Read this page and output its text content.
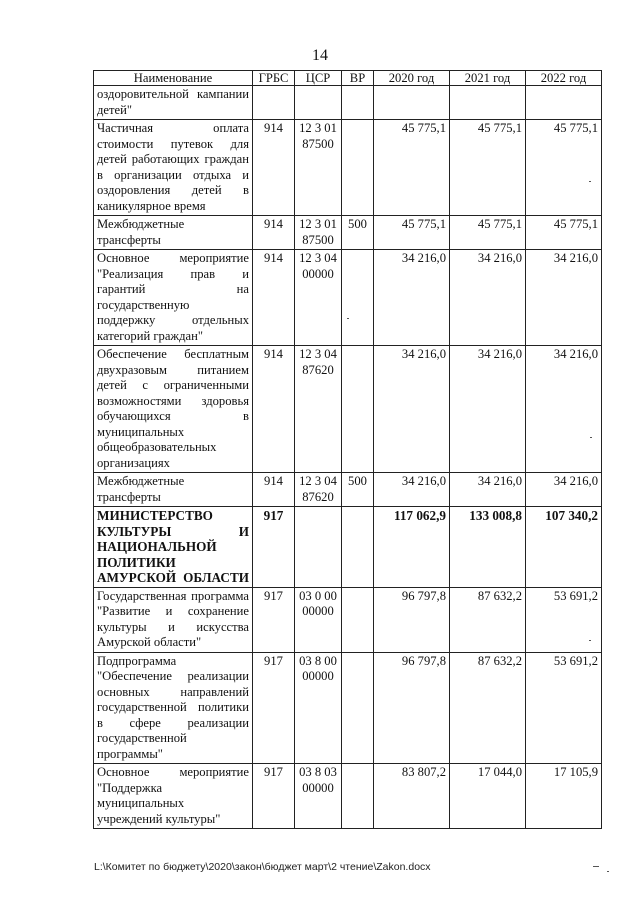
14
Наименование	ГРБС	ЦСР	ВР	2020 год	2021 год	2022 год
оздоровительной кампании детей"						
Частичная оплата стоимости путевок для детей работающих граждан в организации отдыха и оздоровления детей в каникулярное время	914	12 3 01 87500		45 775,1	45 775,1	45 775,1
Межбюджетные трансферты	914	12 3 01 87500	500	45 775,1	45 775,1	45 775,1
Основное мероприятие "Реализация прав и гарантий на государственную поддержку отдельных категорий граждан"	914	12 3 04 00000		34 216,0	34 216,0	34 216,0
Обеспечение бесплатным двухразовым питанием детей с ограниченными возможностями здоровья обучающихся в муниципальных общеобразовательных организациях	914	12 3 04 87620		34 216,0	34 216,0	34 216,0
Межбюджетные трансферты	914	12 3 04 87620	500	34 216,0	34 216,0	34 216,0
МИНИСТЕРСТВО КУЛЬТУРЫ И НАЦИОНАЛЬНОЙ ПОЛИТИКИ АМУРСКОЙ ОБЛАСТИ	917			117 062,9	133 008,8	107 340,2
Государственная программа "Развитие и сохранение культуры и искусства Амурской области"	917	03 0 00 00000		96 797,8	87 632,2	53 691,2
Подпрограмма "Обеспечение реализации основных направлений государственной политики в сфере реализации государственной программы"	917	03 8 00 00000		96 797,8	87 632,2	53 691,2
Основное мероприятие "Поддержка муниципальных учреждений культуры"	917	03 8 03 00000		83 807,2	17 044,0	17 105,9
L:\Комитет по бюджету\2020\закон\бюджет март\2 чтение\Zakon.docx
